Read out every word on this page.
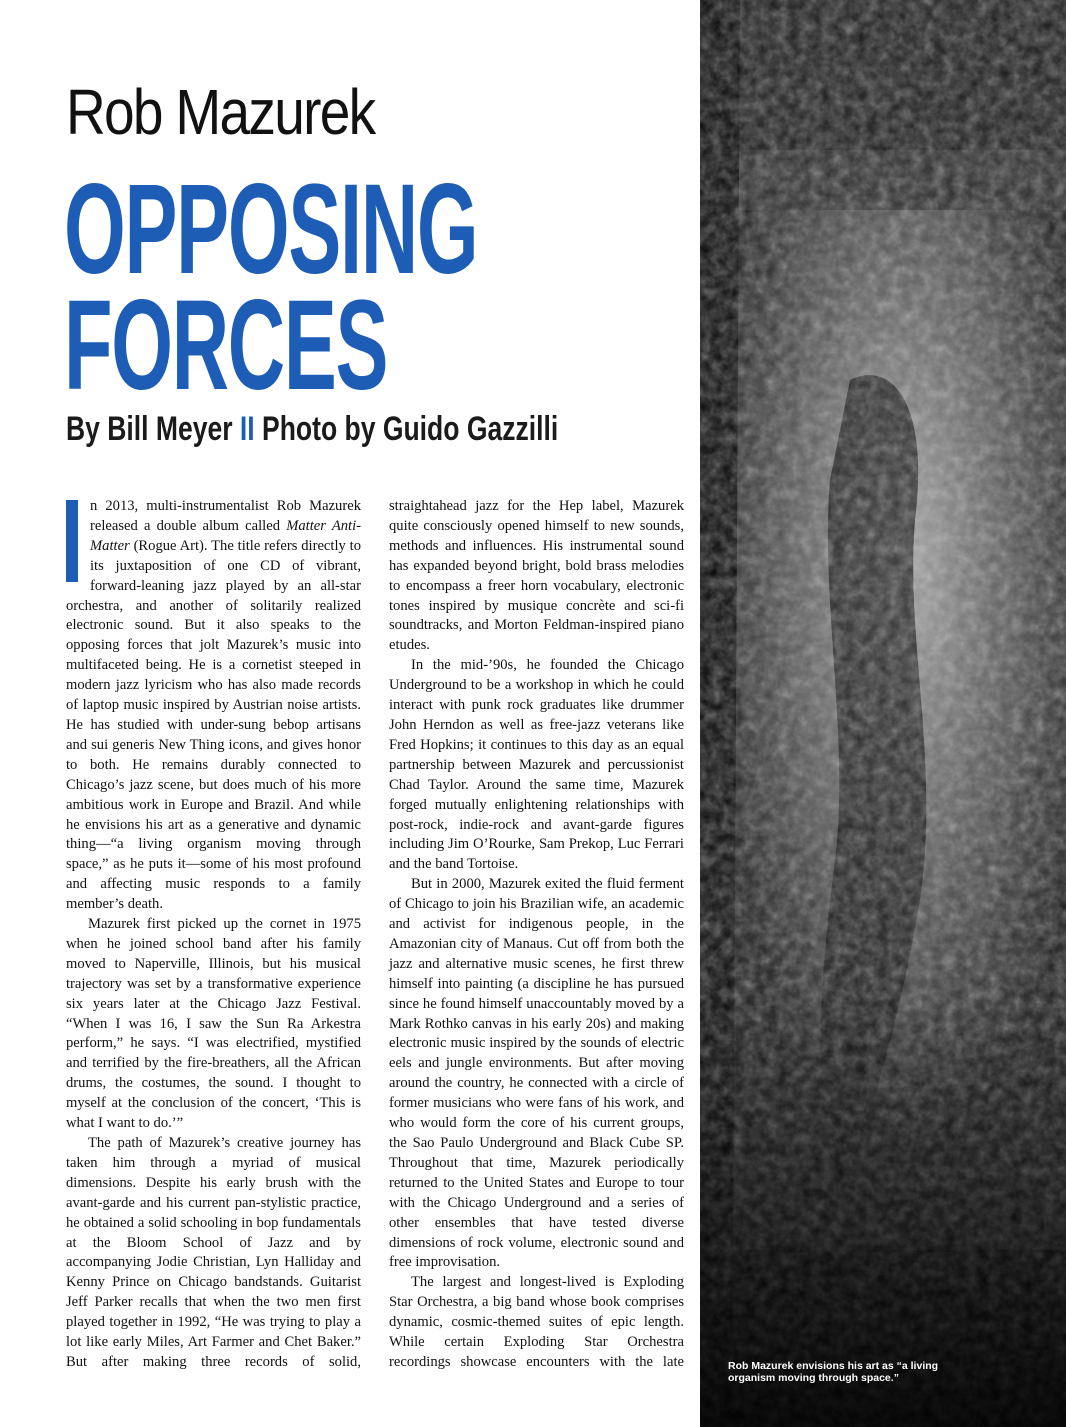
Rob Mazurek
OPPOSING
FORCES
By Bill Meyer II Photo by Guido Gazzilli

n 2013, multi-instrumentalist Rob Mazurek released a double album called Matter Anti-Matter (Rogue Art). The title refers directly to its juxtaposition of one CD of vibrant, forward-leaning jazz played by an all-star orchestra, and another of solitarily realized electronic sound. But it also speaks to the opposing forces that jolt Mazurek’s music into multifaceted being. He is a cornetist steeped in modern jazz lyricism who has also made records of laptop music inspired by Austrian noise artists. He has studied with under-sung bebop artisans and sui generis New Thing icons, and gives honor to both. He remains durably connected to Chicago’s jazz scene, but does much of his more ambitious work in Europe and Brazil. And while he envisions his art as a generative and dynamic thing—“a living organism moving through space,” as he puts it—some of his most profound and affecting music responds to a family member’s death.

Mazurek first picked up the cornet in 1975 when he joined school band after his family moved to Naperville, Illinois, but his musical trajectory was set by a transformative experience six years later at the Chicago Jazz Festival. “When I was 16, I saw the Sun Ra Arkestra perform,” he says. “I was electrified, mystified and terrified by the fire-breathers, all the African drums, the costumes, the sound. I thought to myself at the conclusion of the concert, ‘This is what I want to do.’”

The path of Mazurek’s creative journey has taken him through a myriad of musical dimensions. Despite his early brush with the avant-garde and his current pan-stylistic practice, he obtained a solid schooling in bop fundamentals at the Bloom School of Jazz and by accompanying Jodie Christian, Lyn Halliday and Kenny Prince on Chicago bandstands. Guitarist Jeff Parker recalls that when the two men first played together in 1992, “He was trying to play a lot like early Miles, Art Farmer and Chet Baker.” But after making three records of solid, straightahead jazz for the Hep label, Mazurek quite consciously opened himself to new sounds, methods and influences. His instrumental sound has expanded beyond bright, bold brass melodies to encompass a freer horn vocabulary, electronic tones inspired by musique concrète and sci-fi soundtracks, and Morton Feldman-inspired piano etudes.

In the mid-’90s, he founded the Chicago Underground to be a workshop in which he could interact with punk rock graduates like drummer John Herndon as well as free-jazz veterans like Fred Hopkins; it continues to this day as an equal partnership between Mazurek and percussionist Chad Taylor. Around the same time, Mazurek forged mutually enlightening relationships with post-rock, indie-rock and avant-garde figures including Jim O’Rourke, Sam Prekop, Luc Ferrari and the band Tortoise.

But in 2000, Mazurek exited the fluid ferment of Chicago to join his Brazilian wife, an academic and activist for indigenous people, in the Amazonian city of Manaus. Cut off from both the jazz and alternative music scenes, he first threw himself into painting (a discipline he has pursued since he found himself unaccountably moved by a Mark Rothko canvas in his early 20s) and making electronic music inspired by the sounds of electric eels and jungle environments. But after moving around the country, he connected with a circle of former musicians who were fans of his work, and who would form the core of his current groups, the Sao Paulo Underground and Black Cube SP. Throughout that time, Mazurek periodically returned to the United States and Europe to tour with the Chicago Underground and a series of other ensembles that have tested diverse dimensions of rock volume, electronic sound and free improvisation.

The largest and longest-lived is Exploding Star Orchestra, a big band whose book comprises dynamic, cosmic-themed suites of epic length. While certain Exploding Star Orchestra recordings showcase encounters with the late	Rob Mazurek envisions his art as “a living organism moving through space.”
